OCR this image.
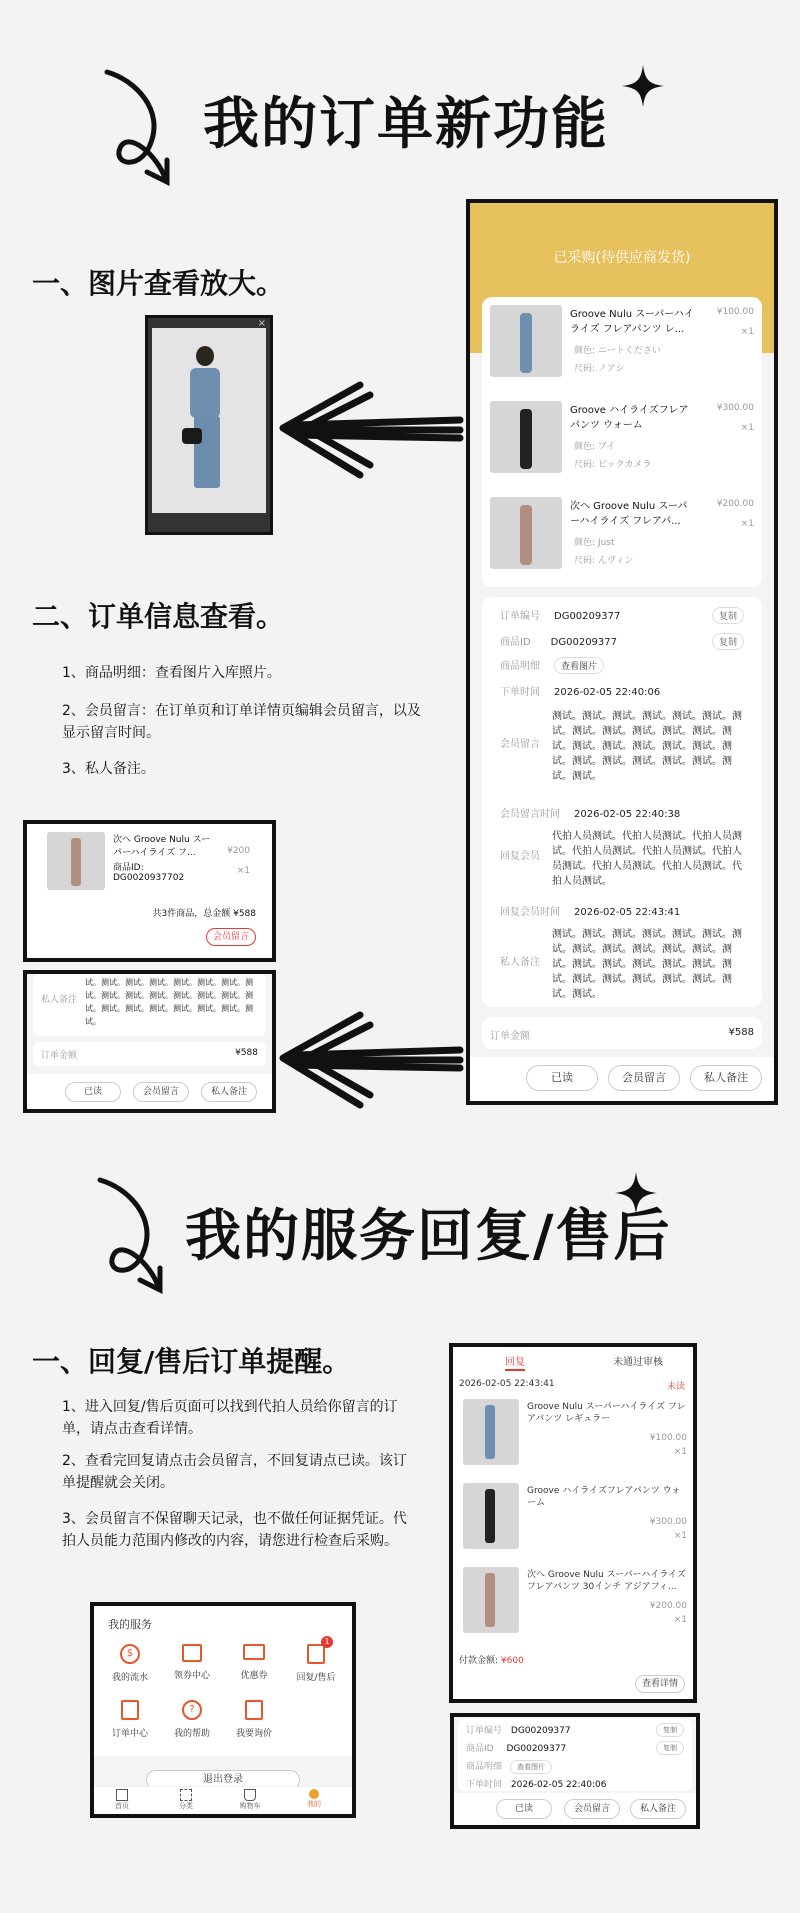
我的订单新功能
一、图片查看放大。
二、订单信息查看。
1、商品明细：查看图片入库照片。
2、会员留言：在订单页和订单详情页编辑会员留言，以及显示留言时间。
3、私人备注。
×
已采购(待供应商发货)
Groove Nulu スーパーハイライズ フレアパンツ レ...
¥100.00
×1
颜色: ニートください
尺码: ノアシ
Groove ハイライズフレアパンツ ウォーム
¥300.00
×1
颜色: ブイ
尺码: ピックカメラ
次へ Groove Nulu スーパーハイライズ フレアパ...
¥200.00
×1
颜色: Just
尺码: んヴィン
订单编号 DG00209377	复制
商品ID DG00209377	复制
商品明细 查看图片
下单时间 2026-02-05 22:40:06
会员留言
测试。测试。测试。测试。测试。测试。测试。测试。测试。测试。测试。测试。测试。测试。测试。测试。测试。测试。测试。测试。测试。测试。测试。测试。测试。测试。
会员留言时间 2026-02-05 22:40:38
回复会员
代拍人员测试。代拍人员测试。代拍人员测试。代拍人员测试。代拍人员测试。代拍人员测试。代拍人员测试。代拍人员测试。代拍人员测试。
回复会员时间 2026-02-05 22:43:41
私人备注
测试。测试。测试。测试。测试。测试。测试。测试。测试。测试。测试。测试。测试。测试。测试。测试。测试。测试。测试。测试。测试。测试。测试。测试。测试。测试。
订单金额	¥588
已读	会员留言	私人备注
次へ Groove Nulu スーパーハイライズ フ...
商品ID:
DG0020937702
¥200
×1
共3件商品，总金额 ¥588
会员留言
私人备注
试。测试。测试。测试。测试。测试。测试。测试。测试。测试。测试。测试。测试。测试。测试。测试。测试。测试。测试。测试。测试。测试。
订单金额	¥588
已读	会员留言	私人备注
我的服务回复/售后
一、回复/售后订单提醒。
1、进入回复/售后页面可以找到代拍人员给你留言的订单，请点击查看详情。
2、查看完回复请点击会员留言，不回复请点已读。该订单提醒就会关闭。
3、会员留言不保留聊天记录，也不做任何证据凭证。代拍人员能力范围内修改的内容，请您进行检查后采购。
我的服务
$
我的流水	领券中心	优惠券
1
回复/售后
订单中心
?
我的帮助	我要询价
退出登录
首页	分类	购物车	我的
回复	未通过审核
2026-02-05 22:43:41	未读
Groove Nulu スーパーハイライズ フレアパンツ レギュラー
¥100.00
×1
Groove ハイライズフレアパンツ ウォーム
¥300.00
×1
次へ Groove Nulu スーパーハイライズ フレアパンツ 30インチ アジアフィ...
¥200.00
×1
付款金额: ¥600
查看详情
订单编号 DG00209377	复制
商品ID DG00209377	复制
商品明细 查看图片
下单时间 2026-02-05 22:40:06
已读	会员留言	私人备注
